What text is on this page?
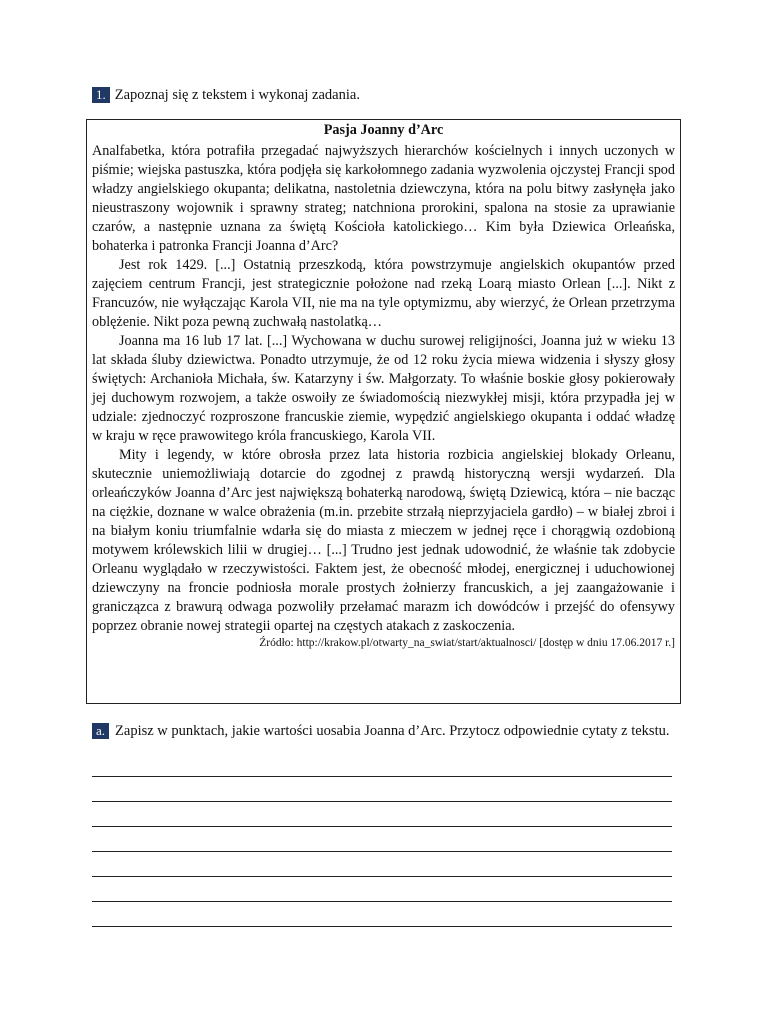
1. Zapoznaj się z tekstem i wykonaj zadania.

Pasja Joanny d’Arc

Analfabetka, która potrafiła przegadać najwyższych hierarchów kościelnych i innych uczonych w piśmie; wiejska pastuszka, która podjęła się karkołomnego zadania wyzwolenia ojczystej Francji spod władzy angielskiego okupanta; delikatna, nastoletnia dziewczyna, która na polu bitwy zasłynęła jako nieustraszony wojownik i sprawny strateg; natchniona prorokini, spalona na stosie za uprawianie czarów, a następnie uznana za świętą Kościoła katolickiego… Kim była Dziewica Orleańska, bohaterka i patronka Francji Joanna d’Arc?

Jest rok 1429. [...] Ostatnią przeszkodą, która powstrzymuje angielskich okupantów przed zajęciem centrum Francji, jest strategicznie położone nad rzeką Loarą miasto Orlean [...]. Nikt z Francuzów, nie wyłączając Karola VII, nie ma na tyle optymizmu, aby wierzyć, że Orlean przetrzyma oblężenie. Nikt poza pewną zuchwałą nastolatką…

Joanna ma 16 lub 17 lat. [...] Wychowana w duchu surowej religijności, Joanna już w wieku 13 lat składa śluby dziewictwa. Ponadto utrzymuje, że od 12 roku życia miewa widzenia i słyszy głosy świętych: Archanioła Michała, św. Katarzyny i św. Małgorzaty. To właśnie boskie głosy pokierowały jej duchowym rozwojem, a także oswoiły ze świadomością niezwykłej misji, która przypadła jej w udziale: zjednoczyć rozproszone francuskie ziemie, wypędzić angielskiego okupanta i oddać władzę w kraju w ręce prawowitego króla francuskiego, Karola VII.

Mity i legendy, w które obrosła przez lata historia rozbicia angielskiej blokady Orleanu, skutecznie uniemożliwiają dotarcie do zgodnej z prawdą historyczną wersji wydarzeń. Dla orleańczyków Joanna d’Arc jest największą bohaterką narodową, świętą Dziewicą, która – nie bacząc na ciężkie, doznane w walce obrażenia (m.in. przebite strzałą nieprzyjaciela gardło) – w białej zbroi i na białym koniu triumfalnie wdarła się do miasta z mieczem w jednej ręce i chorągwią ozdobioną motywem królewskich lilii w drugiej… [...] Trudno jest jednak udowodnić, że właśnie tak zdobycie Orleanu wyglądało w rzeczywistości. Faktem jest, że obecność młodej, energicznej i uduchowionej dziewczyny na froncie podniosła morale prostych żołnierzy francuskich, a jej zaangażowanie i graniczązca z brawurą odwaga pozwoliły przełamać marazm ich dowódców i przejść do ofensywy poprzez obranie nowej strategii opartej na częstych atakach z zaskoczenia.

Źródło: http://krakow.pl/otwarty_na_swiat/start/aktualnosci/ [dostęp w dniu 17.06.2017 r.]

a. Zapisz w punktach, jakie wartości uosabia Joanna d’Arc. Przytocz odpowiednie cytaty z tekstu.
